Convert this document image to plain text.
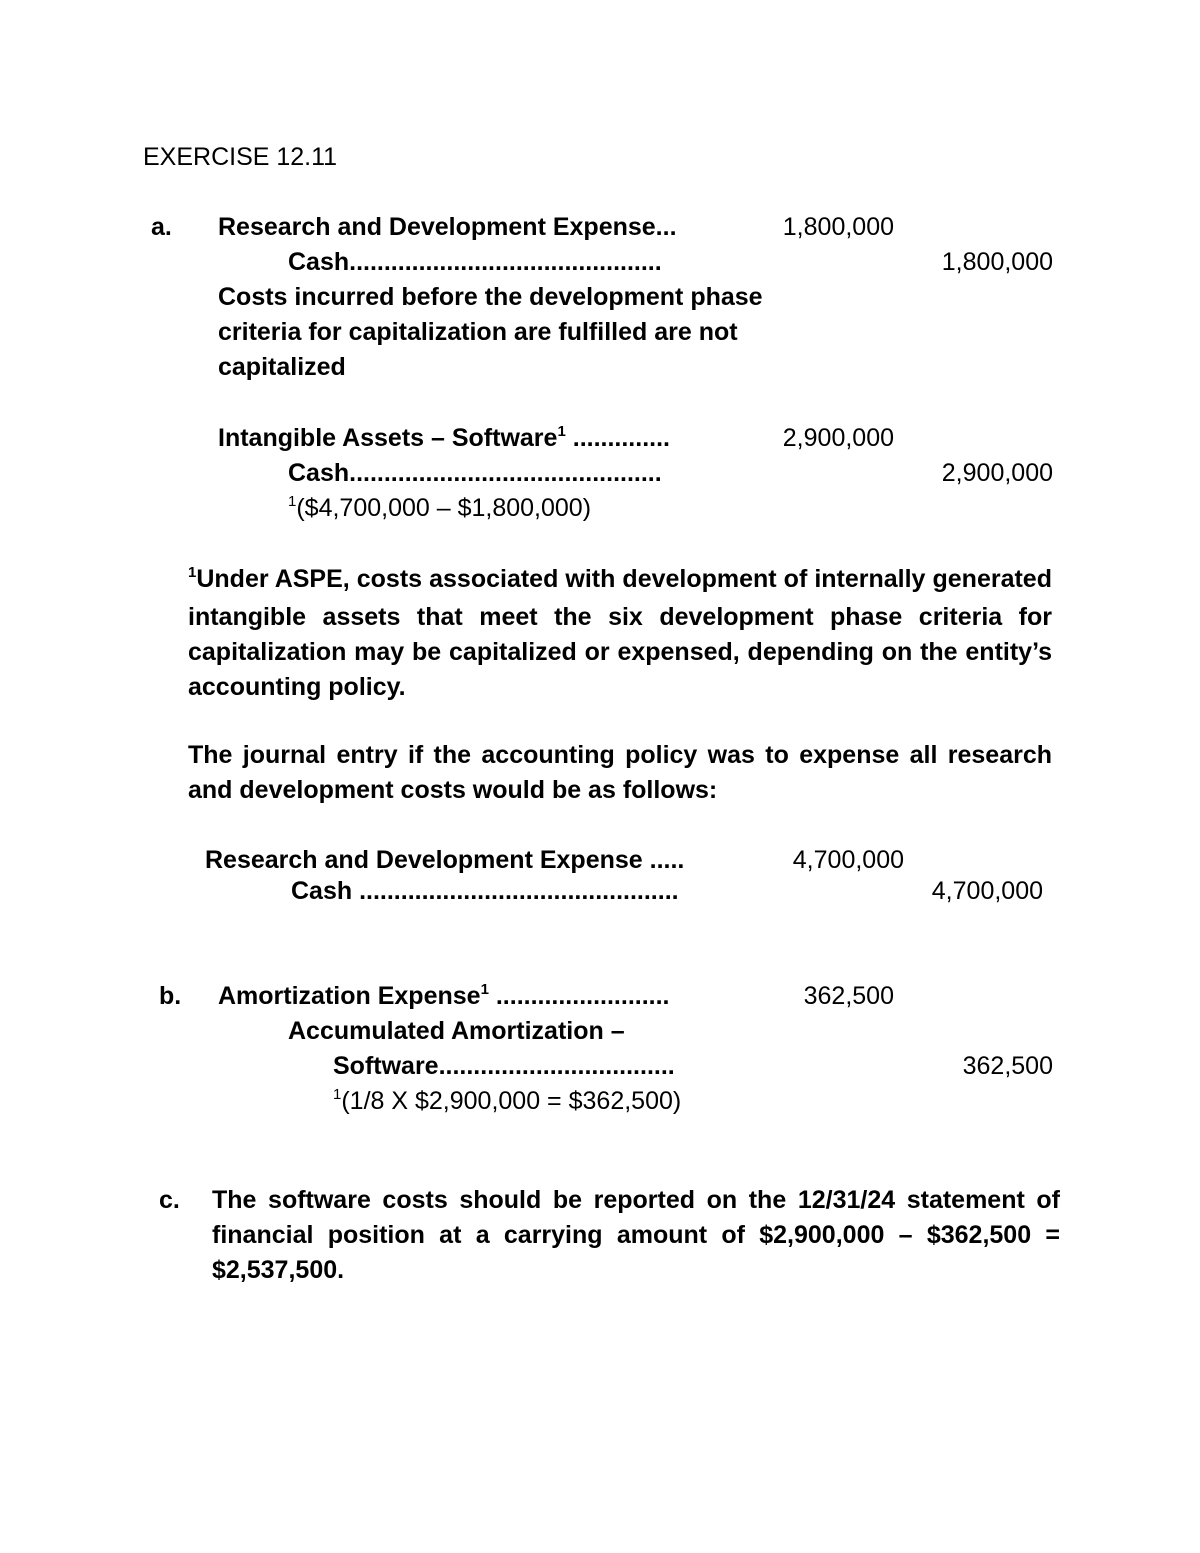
EXERCISE 12.11
a. Research and Development Expense...	1,800,000
Cash.............................................	1,800,000
Costs incurred before the development phase
criteria for capitalization are fulfilled are not
capitalized
Intangible Assets – Software$^1$ ..............	2,900,000
Cash.............................................	2,900,000
$^1$($4,700,000 – $1,800,000)
$^1$Under ASPE, costs associated with development of internally generated intangible assets that meet the six development phase criteria for capitalization may be capitalized or expensed, depending on the entity’s accounting policy.
The journal entry if the accounting policy was to expense all research and development costs would be as follows:
Research and Development Expense .....	4,700,000
Cash ..............................................	4,700,000
b. Amortization Expense$^1$ .........................	362,500
Accumulated Amortization –
Software..................................	362,500
$^1$(1/8 X $2,900,000 = $362,500)
c. The software costs should be reported on the 12/31/24 statement of financial position at a carrying amount of $2,900,000 – $362,500 = $2,537,500.
